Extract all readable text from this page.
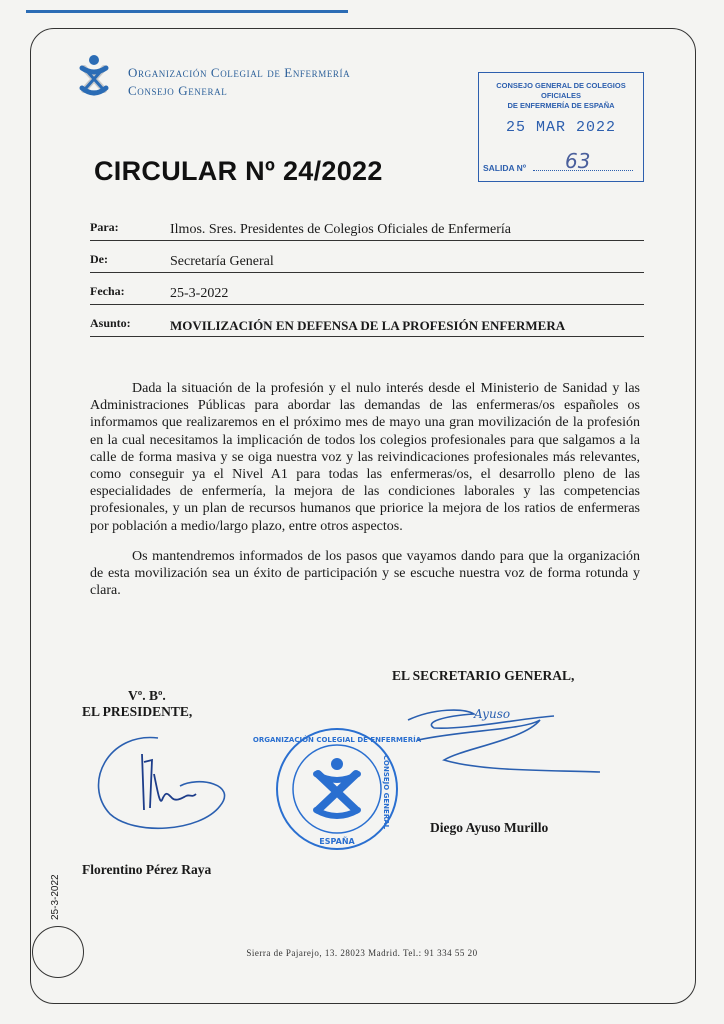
Organización Colegial de Enfermería
Consejo General	CONSEJO GENERAL DE COLEGIOS OFICIALES
DE ENFERMERÍA DE ESPAÑA
25 MAR 2022
63
SALIDA Nº
CIRCULAR Nº 24/2022
Para:	Ilmos. Sres. Presidentes de Colegios Oficiales de Enfermería
De:	Secretaría General
Fecha:	25-3-2022
Asunto:	MOVILIZACIÓN EN DEFENSA DE LA PROFESIÓN ENFERMERA

Dada la situación de la profesión y el nulo interés desde el Ministerio de Sanidad y las Administraciones Públicas para abordar las demandas de las enfermeras/os españoles os informamos que realizaremos en el próximo mes de mayo una gran movilización de la profesión en la cual necesitamos la implicación de todos los colegios profesionales para que salgamos a la calle de forma masiva y se oiga nuestra voz y las reivindicaciones profesionales más relevantes, como conseguir ya el Nivel A1 para todas las enfermeras/os, el desarrollo pleno de las especialidades de enfermería, la mejora de las condiciones laborales y las competencias profesionales, y un plan de recursos humanos que priorice la mejora de los ratios de enfermeras por población a medio/largo plazo, entre otros aspectos.

Os mantendremos informados de los pasos que vayamos dando para que la organización de esta movilización sea un éxito de participación y se escuche nuestra voz de forma rotunda y clara.

EL SECRETARIO GENERAL,
Vº. Bº.
EL PRESIDENTE,
ORGANIZACIÓN COLEGIAL DE ENFERMERÍA
CONSEJO GENERAL
ESPAÑA
Ayuso
Florentino Pérez Raya
Diego Ayuso Murillo
25-3-2022
Sierra de Pajarejo, 13. 28023 Madrid. Tel.: 91 334 55 20
